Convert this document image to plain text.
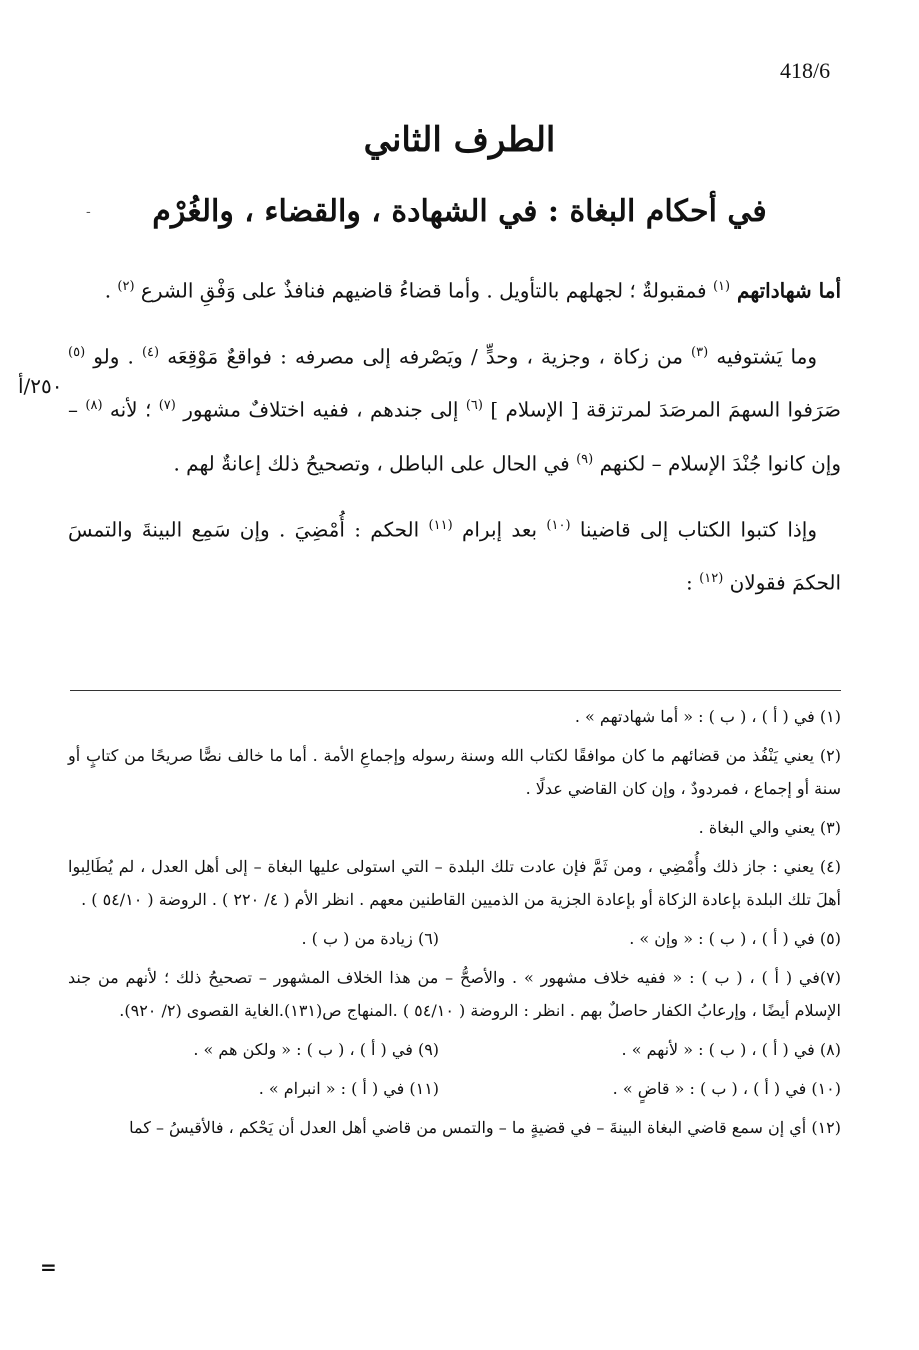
418/6
الطرف الثاني
في أحكام البغاة : في الشهادة ، والقضاء ، والغُرْم
-
٢٥٠/أ

أما شهاداتهم $^{(١)}$ فمقبولةٌ ؛ لجهلهم بالتأويل . وأما قضاءُ قاضيهم فنافذٌ على وَفْقِ الشرع $^{(٢)}$ .

وما يَشتوفيه $^{(٣)}$ من زكاة ، وجزية ، وحدٍّ / ويَصْرفه إلى مصرفه : فواقعٌ مَوْقِعَه $^{(٤)}$ . ولو $^{(٥)}$ صَرَفوا السهمَ المرصَدَ لمرتزقة [ الإسلام ] $^{(٦)}$ إلى جندهم ، ففيه اختلافٌ مشهور $^{(٧)}$ ؛ لأنه $^{(٨)}$ – وإن كانوا جُنْدَ الإسلام – لكنهم $^{(٩)}$ في الحال على الباطل ، وتصحيحُ ذلك إعانةٌ لهم .

وإذا كتبوا الكتاب إلى قاضينا $^{(١٠)}$ بعد إبرام $^{(١١)}$ الحكم : أُمْضِيَ . وإن سَمِع البينةَ والتمسَ الحكمَ فقولان $^{(١٢)}$ :

(١) في ( أ ) ، ( ب ) : « أما شهادتهم » .
(٢) يعني يَنْفُذ من قضائهم ما كان موافقًا لكتاب الله وسنة رسوله وإجماعِ الأمة . أما ما خالف نصًّا صريحًا من كتابٍ أو سنة أو إجماع ، فمردودٌ ، وإن كان القاضي عدلًا .
(٣) يعني والي البغاة .
(٤) يعني : جاز ذلك وأُمْضِي ، ومن ثَمَّ فإن عادت تلك البلدة – التي استولى عليها البغاة – إلى أهل العدل ، لم يُطَالِبوا أهلَ تلك البلدة بإعادة الزكاة أو بإعادة الجزية من الذميين القاطنين معهم . انظر الأم ( ٤/ ٢٢٠ ) . الروضة ( ٥٤/١٠ ) .
(٥) في ( أ ) ، ( ب ) : « وإن » .
(٦) زيادة من ( ب ) .
(٧)في ( أ ) ، ( ب ) : « ففيه خلاف مشهور » . والأصحُّ – من هذا الخلاف المشهور – تصحيحُ ذلك ؛ لأنهم من جند الإسلام أيضًا ، وإرعابُ الكفار حاصلٌ بهم . انظر : الروضة ( ٥٤/١٠ ) .المنهاج ص(١٣١).الغاية القصوى (٢/ ٩٢٠).
(٨) في ( أ ) ، ( ب ) : « لأنهم » .
(٩) في ( أ ) ، ( ب ) : « ولكن هم » .
(١٠) في ( أ ) ، ( ب ) : « قاضٍ » .
(١١) في ( أ ) : « انبرام » .
(١٢) أي إن سمع قاضي البغاة البينةَ – في قضيةٍ ما – والتمس من قاضي أهل العدل أن يَحْكم ، فالأقيسُ – كما
=
